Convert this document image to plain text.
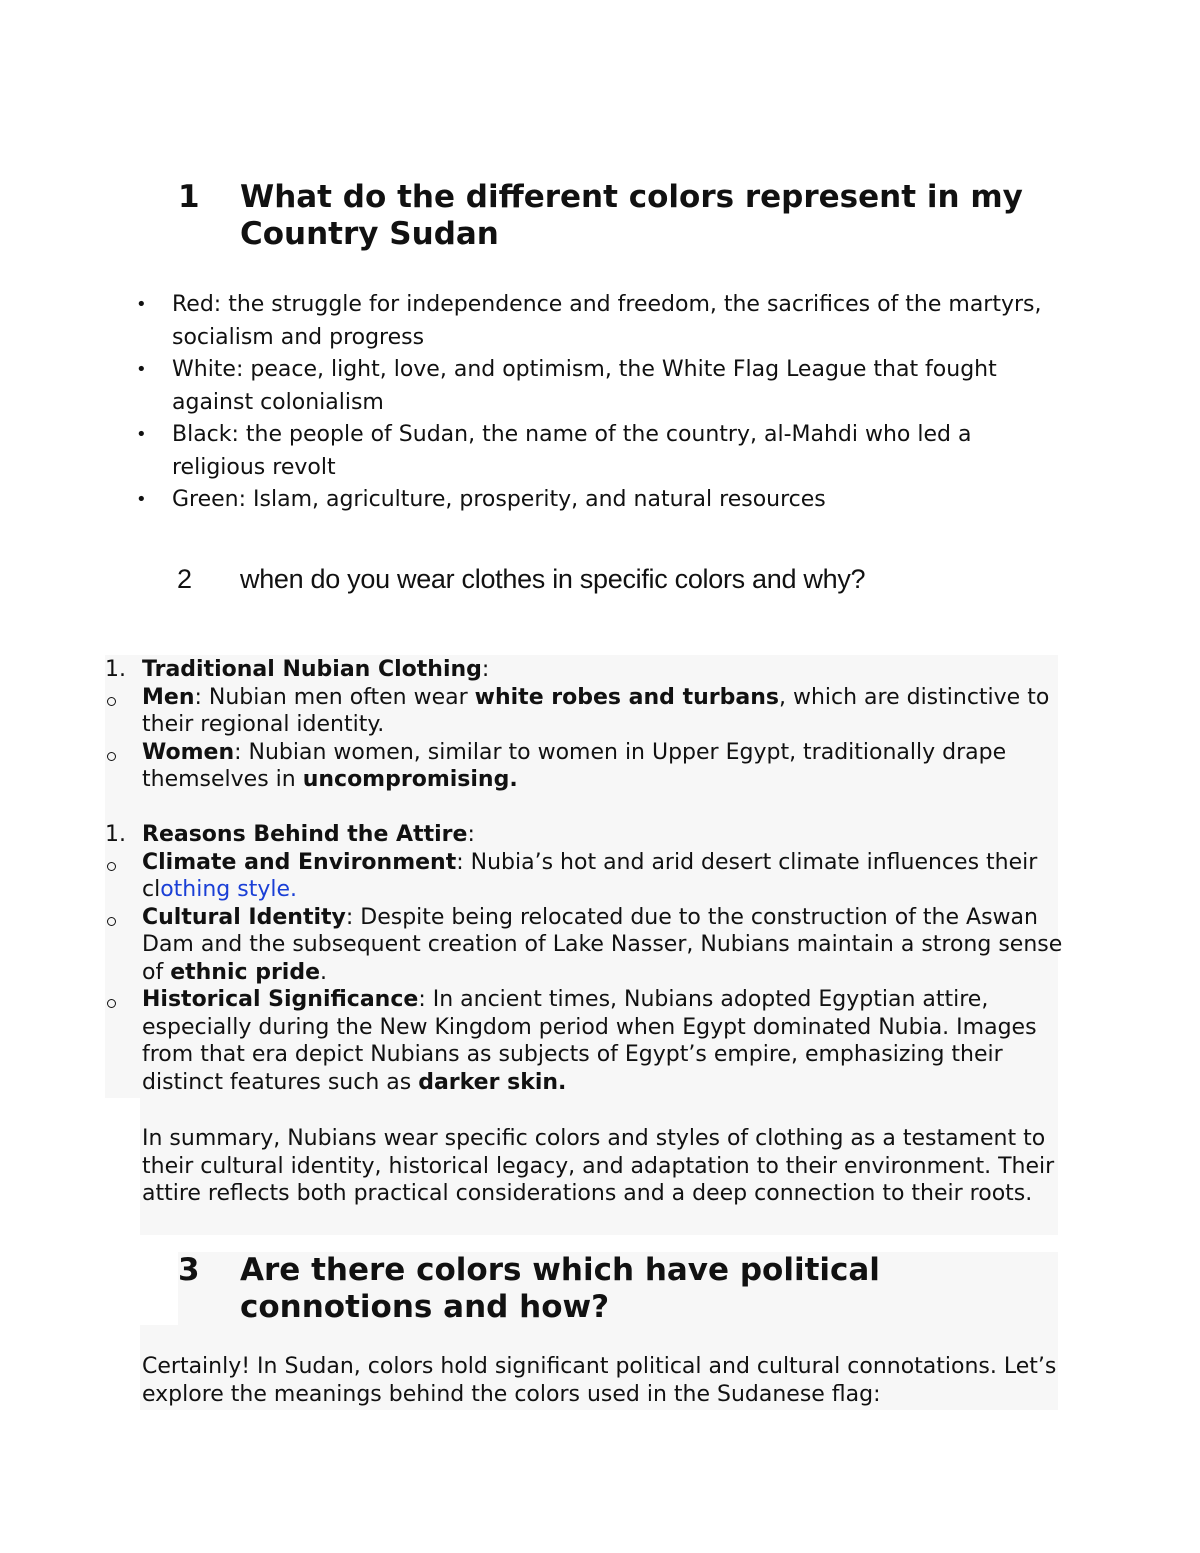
1 What do the different colors represent in my Country Sudan
• Red: the struggle for independence and freedom, the sacrifices of the martyrs, socialism and progress
• White: peace, light, love, and optimism, the White Flag League that fought against colonialism
• Black: the people of Sudan, the name of the country, al-Mahdi who led a religious revolt
• Green: Islam, agriculture, prosperity, and natural resources
2 when do you wear clothes in specific colors and why?
1. Traditional Nubian Clothing:
Men: Nubian men often wear white robes and turbans, which are distinctive to their regional identity.
Women: Nubian women, similar to women in Upper Egypt, traditionally drape themselves in uncompromising.
1. Reasons Behind the Attire:
Climate and Environment: Nubia’s hot and arid desert climate influences their clothing style.
Cultural Identity: Despite being relocated due to the construction of the Aswan Dam and the subsequent creation of Lake Nasser, Nubians maintain a strong sense of ethnic pride.
Historical Significance: In ancient times, Nubians adopted Egyptian attire, especially during the New Kingdom period when Egypt dominated Nubia. Images from that era depict Nubians as subjects of Egypt’s empire, emphasizing their distinct features such as darker skin.
In summary, Nubians wear specific colors and styles of clothing as a testament to their cultural identity, historical legacy, and adaptation to their environment. Their attire reflects both practical considerations and a deep connection to their roots.
3 Are there colors which have political connotions and how?
Certainly! In Sudan, colors hold significant political and cultural connotations. Let’s explore the meanings behind the colors used in the Sudanese flag:
